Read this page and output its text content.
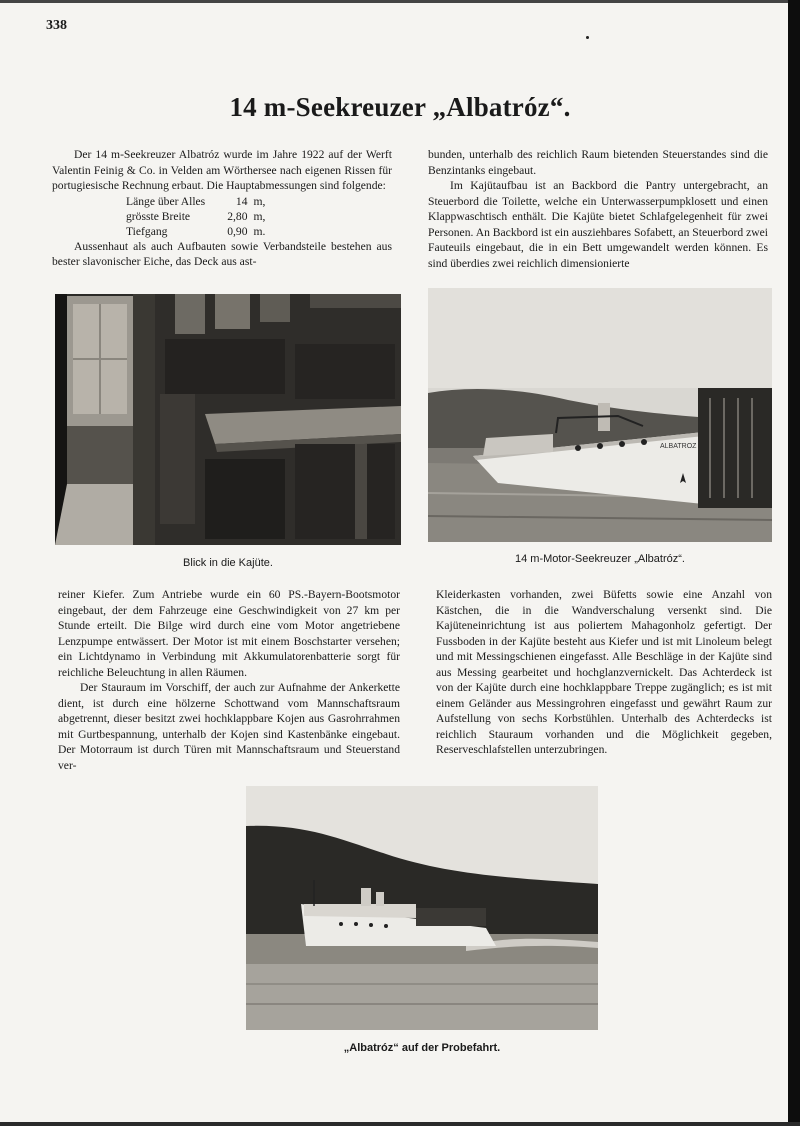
338
14 m-Seekreuzer „Albatróz“.

Der 14 m-Seekreuzer Albatróz wurde im Jahre 1922 auf der Werft Valentin Feinig & Co. in Velden am Wörthersee nach eigenen Rissen für portugiesische Rechnung erbaut. Die Hauptabmessungen sind folgende:

Länge über Alles	14	m,
grösste Breite	2,80	m,
Tiefgang	0,90	m.

Aussenhaut als auch Aufbauten sowie Verbandsteile bestehen aus bester slavonischer Eiche, das Deck aus ast-

bunden, unterhalb des reichlich Raum bietenden Steuerstandes sind die Benzintanks eingebaut.

Im Kajütaufbau ist an Backbord die Pantry untergebracht, an Steuerbord die Toilette, welche ein Unterwasserpumpklosett und einen Klappwaschtisch enthält. Die Kajüte bietet Schlafgelegenheit für zwei Personen. An Backbord ist ein ausziehbares Sofabett, an Steuerbord zwei Fauteuils eingebaut, die in ein Bett umgewandelt werden können. Es sind überdies zwei reichlich dimensionierte

Blick in die Kajüte.
ALBATROZ
14 m-Motor-Seekreuzer „Albatróz“.

reiner Kiefer. Zum Antriebe wurde ein 60 PS.-Bayern-Bootsmotor eingebaut, der dem Fahrzeuge eine Geschwindigkeit von 27 km per Stunde erteilt. Die Bilge wird durch eine vom Motor angetriebene Lenzpumpe entwässert. Der Motor ist mit einem Boschstarter versehen; ein Lichtdynamo in Verbindung mit Akkumulatorenbatterie sorgt für reichliche Beleuchtung in allen Räumen.

Der Stauraum im Vorschiff, der auch zur Aufnahme der Ankerkette dient, ist durch eine hölzerne Schottwand vom Mannschaftsraum abgetrennt, dieser besitzt zwei hochklappbare Kojen aus Gasrohrrahmen mit Gurtbespannung, unterhalb der Kojen sind Kastenbänke eingebaut. Der Motorraum ist durch Türen mit Mannschaftsraum und Steuerstand ver-

Kleiderkasten vorhanden, zwei Büfetts sowie eine Anzahl von Kästchen, die in die Wandverschalung versenkt sind. Die Kajüteneinrichtung ist aus poliertem Mahagonholz gefertigt. Der Fussboden in der Kajüte besteht aus Kiefer und ist mit Linoleum belegt und mit Messingschienen eingefasst. Alle Beschläge in der Kajüte sind aus Messing gearbeitet und hochglanzvernickelt. Das Achterdeck ist von der Kajüte durch eine hochklappbare Treppe zugänglich; es ist mit einem Geländer aus Messingrohren eingefasst und gewährt Raum zur Aufstellung von sechs Korbstühlen. Unterhalb des Achterdecks ist reichlich Stauraum vorhanden und die Möglichkeit gegeben, Reserveschlafstellen unterzubringen.

„Albatróz“ auf der Probefahrt.
